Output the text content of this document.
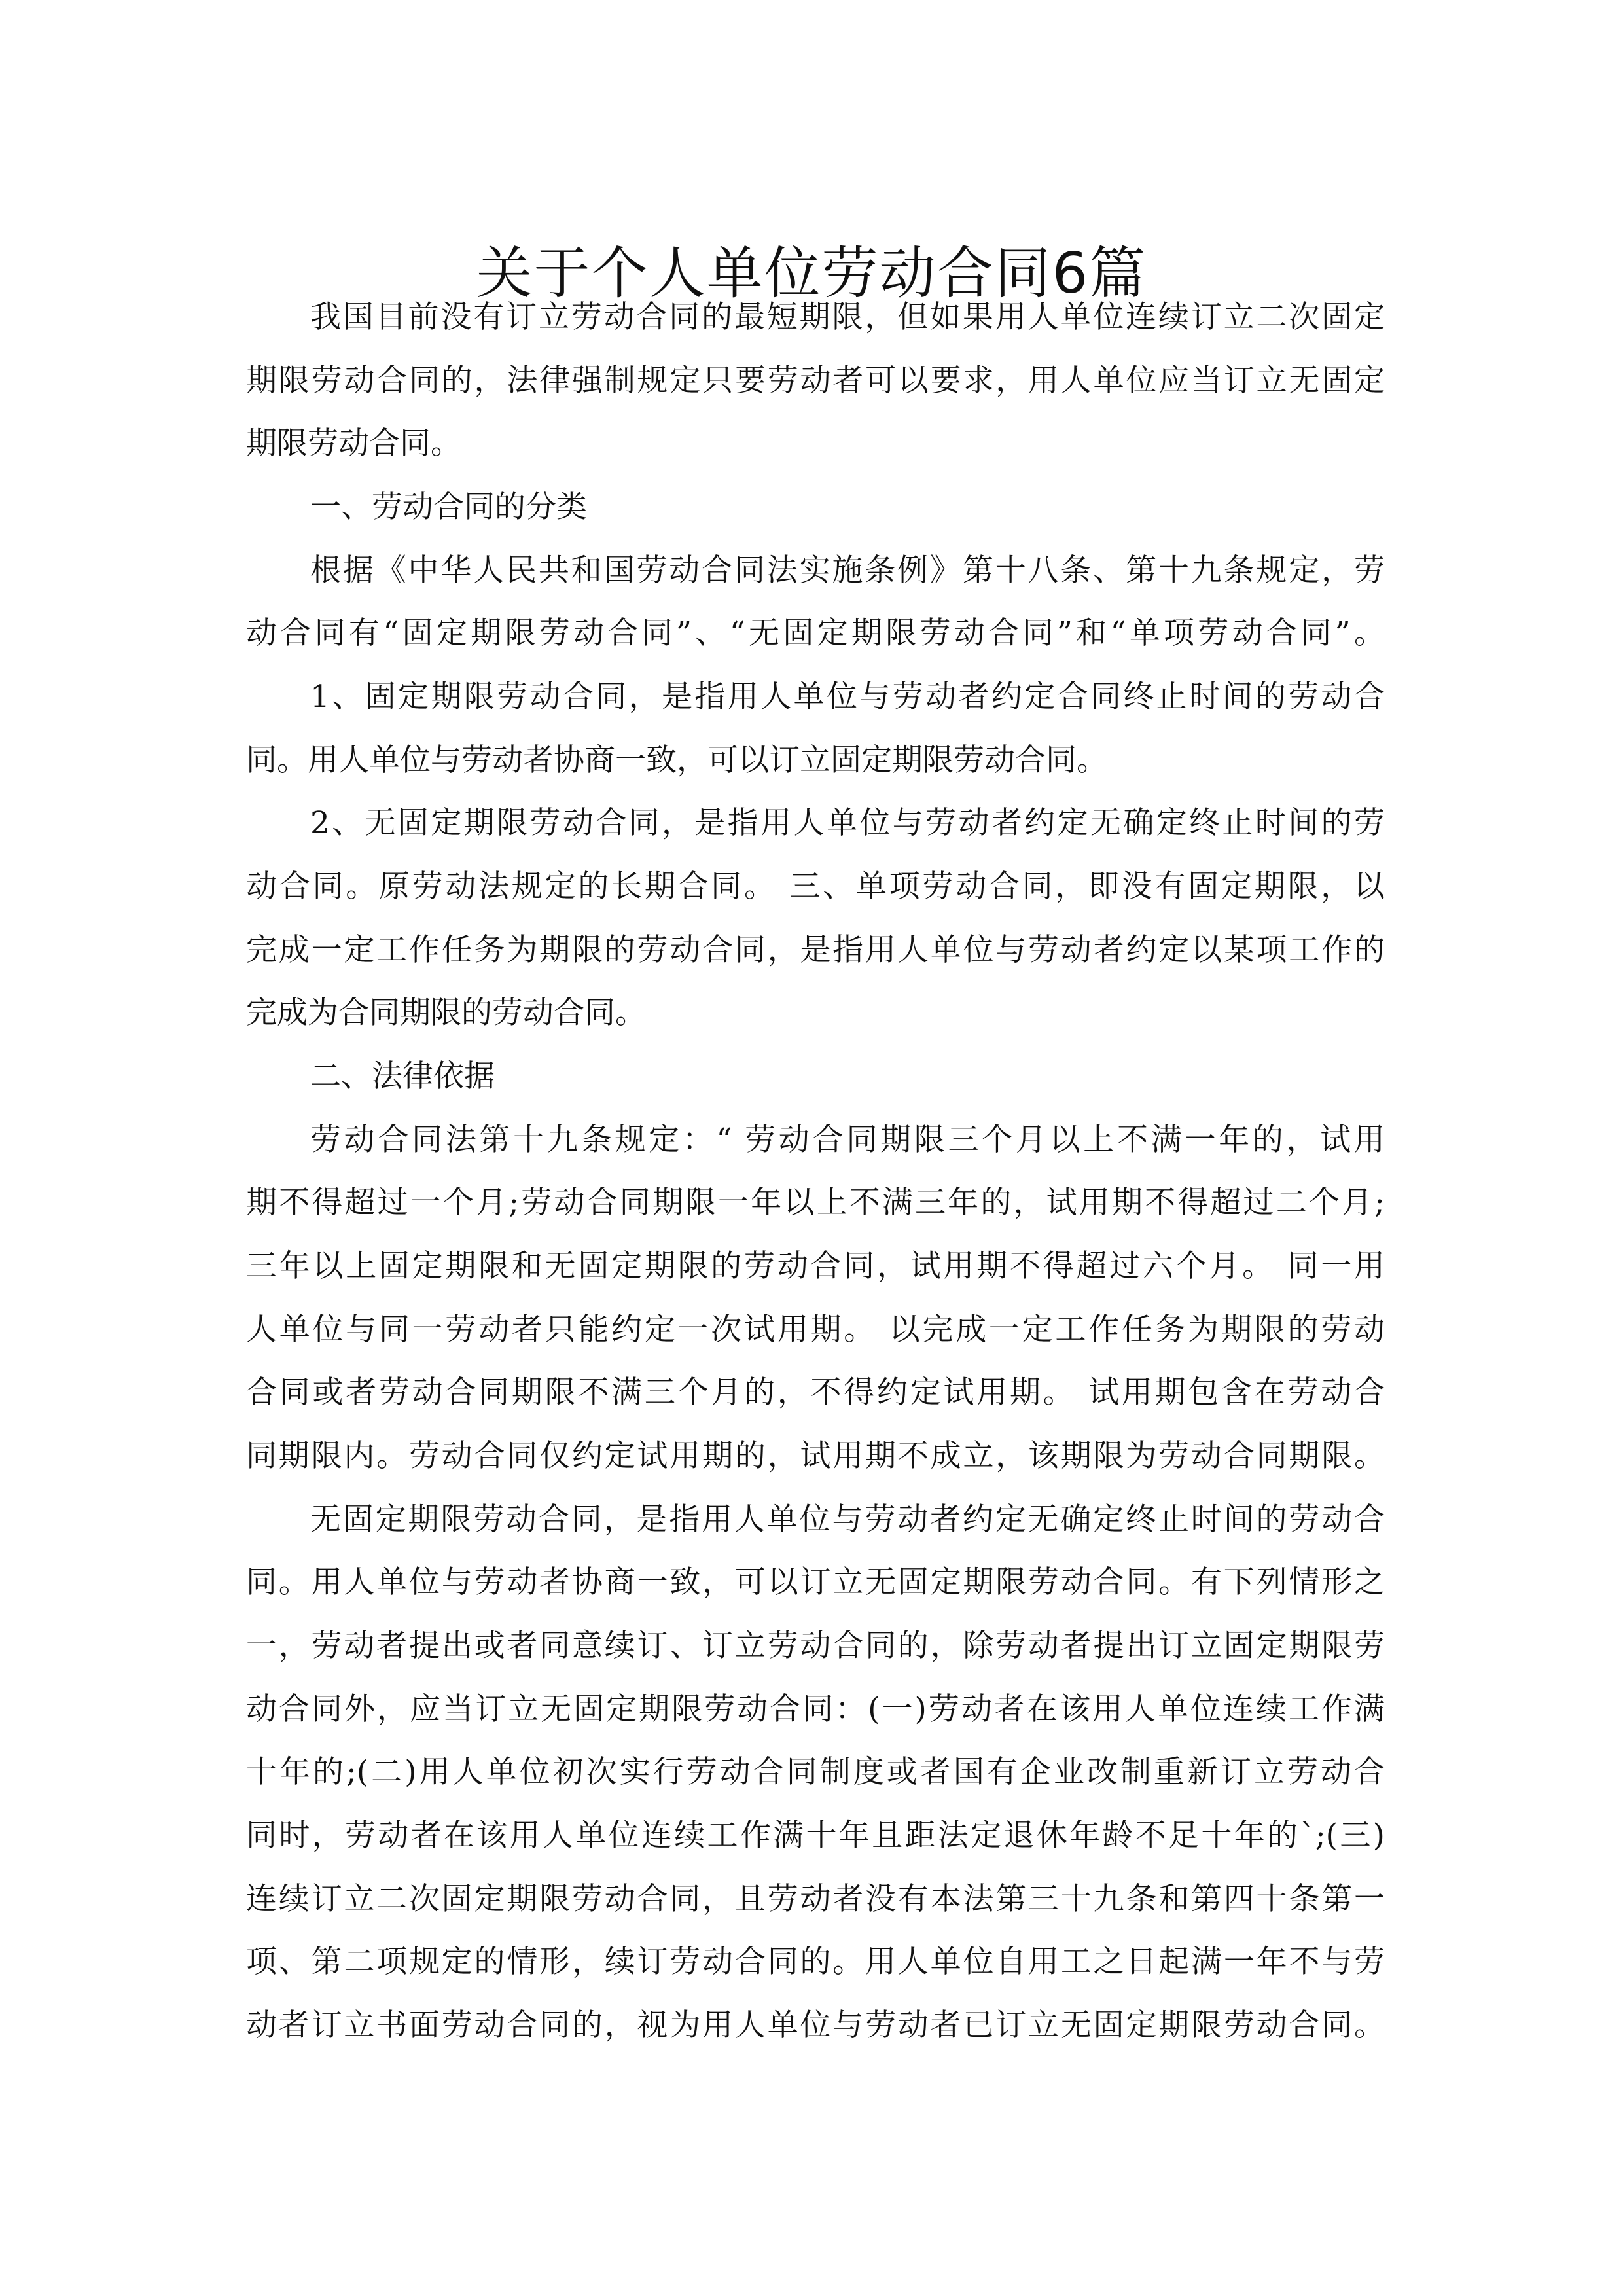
关于个人单位劳动合同6篇
我国目前没有订立劳动合同的最短期限，但如果用人单位连续订立二次固定
期限劳动合同的，法律强制规定只要劳动者可以要求，用人单位应当订立无固定
期限劳动合同。
一、劳动合同的分类
根据《中华人民共和国劳动合同法实施条例》第十八条、第十九条规定，劳
动合同有“固定期限劳动合同”、“无固定期限劳动合同”和“单项劳动合同”。
1、固定期限劳动合同，是指用人单位与劳动者约定合同终止时间的劳动合
同。用人单位与劳动者协商一致，可以订立固定期限劳动合同。
2、无固定期限劳动合同，是指用人单位与劳动者约定无确定终止时间的劳
动合同。原劳动法规定的长期合同。 三、单项劳动合同，即没有固定期限，以
完成一定工作任务为期限的劳动合同，是指用人单位与劳动者约定以某项工作的
完成为合同期限的劳动合同。
二、法律依据
劳动合同法第十九条规定：“ 劳动合同期限三个月以上不满一年的，试用
期不得超过一个月;劳动合同期限一年以上不满三年的，试用期不得超过二个月;
三年以上固定期限和无固定期限的劳动合同，试用期不得超过六个月。 同一用
人单位与同一劳动者只能约定一次试用期。 以完成一定工作任务为期限的劳动
合同或者劳动合同期限不满三个月的，不得约定试用期。 试用期包含在劳动合
同期限内。劳动合同仅约定试用期的，试用期不成立，该期限为劳动合同期限。
无固定期限劳动合同，是指用人单位与劳动者约定无确定终止时间的劳动合
同。用人单位与劳动者协商一致，可以订立无固定期限劳动合同。有下列情形之
一，劳动者提出或者同意续订、订立劳动合同的，除劳动者提出订立固定期限劳
动合同外，应当订立无固定期限劳动合同：(一)劳动者在该用人单位连续工作满
十年的;(二)用人单位初次实行劳动合同制度或者国有企业改制重新订立劳动合
同时，劳动者在该用人单位连续工作满十年且距法定退休年龄不足十年的`;(三)
连续订立二次固定期限劳动合同，且劳动者没有本法第三十九条和第四十条第一
项、第二项规定的情形，续订劳动合同的。用人单位自用工之日起满一年不与劳
动者订立书面劳动合同的，视为用人单位与劳动者已订立无固定期限劳动合同。
